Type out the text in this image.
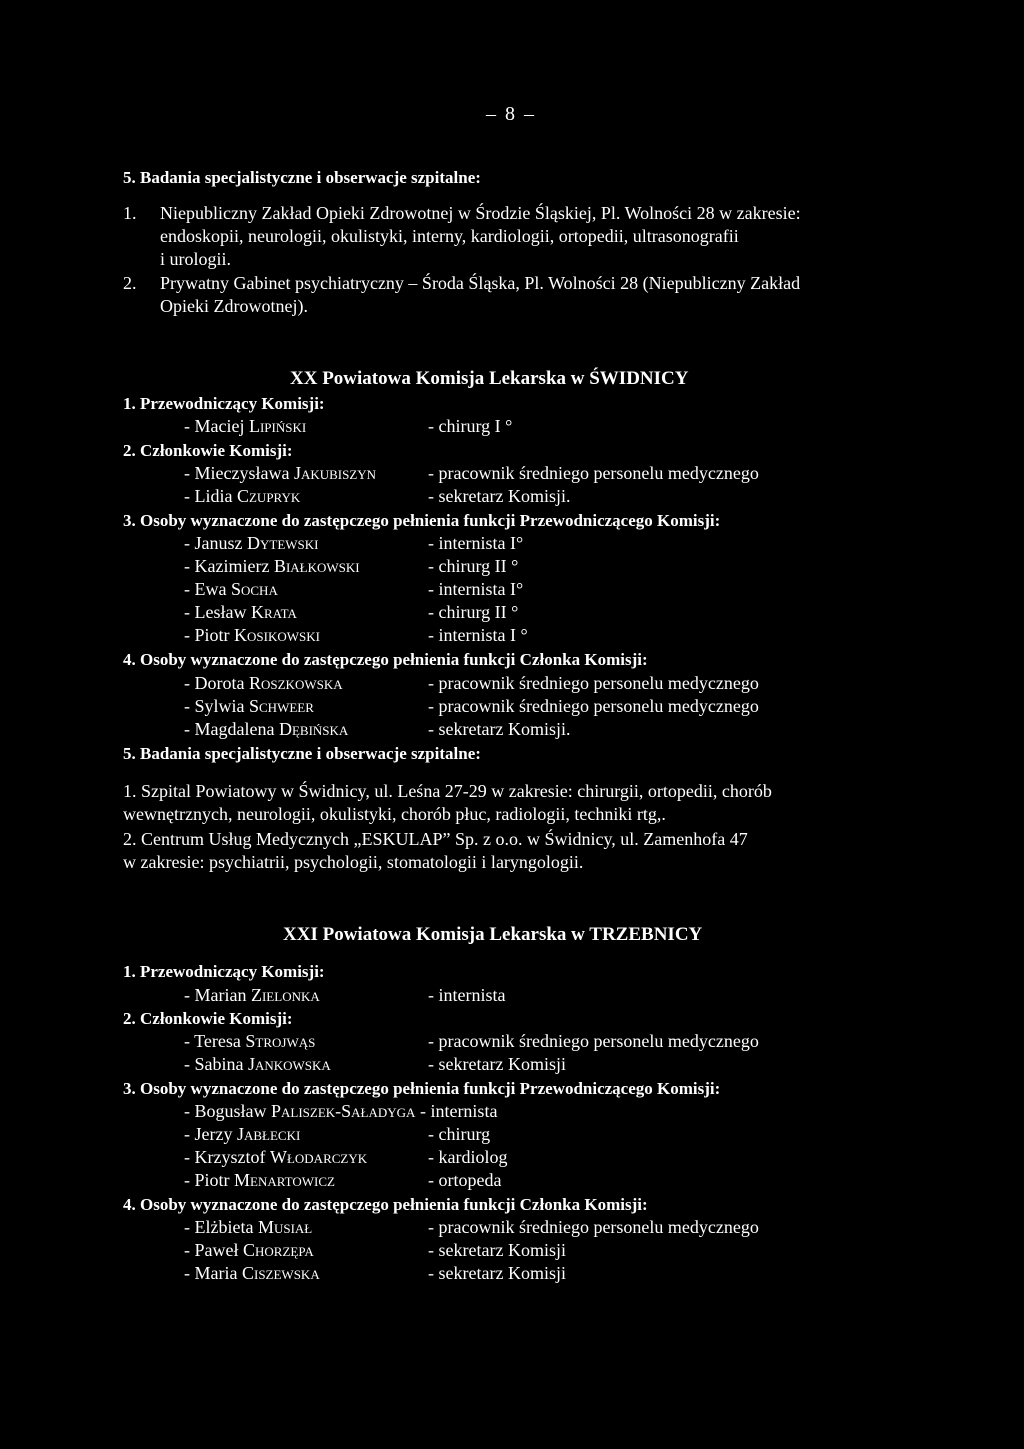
– 8 –
5. Badania specjalistyczne i obserwacje szpitalne:
1. Niepubliczny Zakład Opieki Zdrowotnej w Środzie Śląskiej, Pl. Wolności 28 w zakresie:
endoskopii, neurologii, okulistyki, interny, kardiologii, ortopedii, ultrasonografii
i urologii.
2. Prywatny Gabinet psychiatryczny – Środa Śląska, Pl. Wolności 28 (Niepubliczny Zakład
Opieki Zdrowotnej).
XX Powiatowa Komisja Lekarska w ŚWIDNICY
1. Przewodniczący Komisji:
- Maciej Lipiński	- chirurg I °
2. Członkowie Komisji:
- Mieczysława Jakubiszyn	- pracownik średniego personelu medycznego
- Lidia Czupryk	- sekretarz Komisji.
3. Osoby wyznaczone do zastępczego pełnienia funkcji Przewodniczącego Komisji:
- Janusz Dytewski	- internista I°
- Kazimierz Białkowski	- chirurg II °
- Ewa Socha	- internista I°
- Lesław Krata	- chirurg II °
- Piotr Kosikowski	- internista I °
4. Osoby wyznaczone do zastępczego pełnienia funkcji Członka Komisji:
- Dorota Roszkowska	- pracownik średniego personelu medycznego
- Sylwia Schweer	- pracownik średniego personelu medycznego
- Magdalena Dębińska	- sekretarz Komisji.
5. Badania specjalistyczne i obserwacje szpitalne:
1. Szpital Powiatowy w Świdnicy, ul. Leśna 27-29 w zakresie: chirurgii, ortopedii, chorób
wewnętrznych, neurologii, okulistyki, chorób płuc, radiologii, techniki rtg,.
2. Centrum Usług Medycznych „ESKULAP” Sp. z o.o. w Świdnicy, ul. Zamenhofa 47
w zakresie: psychiatrii, psychologii, stomatologii i laryngologii.
XXI Powiatowa Komisja Lekarska w TRZEBNICY
1. Przewodniczący Komisji:
- Marian Zielonka	- internista
2. Członkowie Komisji:
- Teresa Strojwąs	- pracownik średniego personelu medycznego
- Sabina Jankowska	- sekretarz Komisji
3. Osoby wyznaczone do zastępczego pełnienia funkcji Przewodniczącego Komisji:
- Bogusław Paliszek-Saładyga - internista
- Jerzy Jabłecki	- chirurg
- Krzysztof Włodarczyk	- kardiolog
- Piotr Menartowicz	- ortopeda
4. Osoby wyznaczone do zastępczego pełnienia funkcji Członka Komisji:
- Elżbieta Musiał	- pracownik średniego personelu medycznego
- Paweł Chorzępa	- sekretarz Komisji
- Maria Ciszewska	- sekretarz Komisji
